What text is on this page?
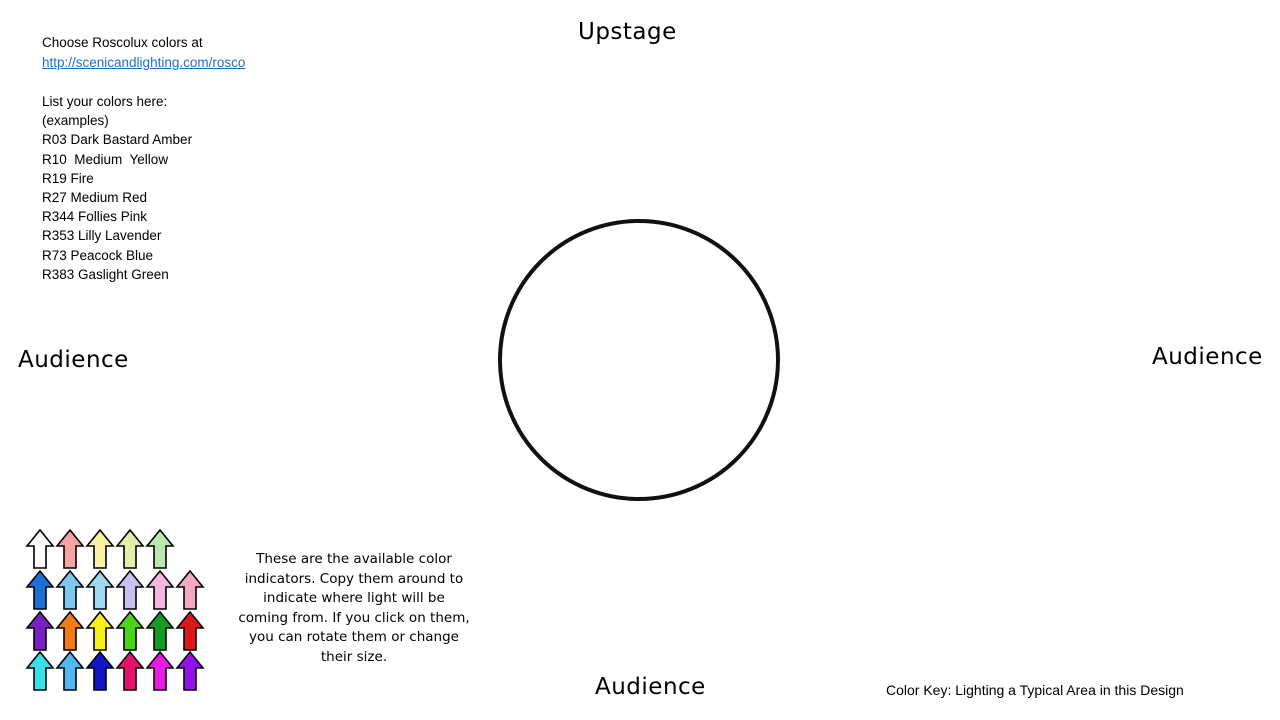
Choose Roscolux colors at
http://scenicandlighting.com/rosco
List your colors here:
(examples)
R03 Dark Bastard Amber
R10  Medium  Yellow
R19 Fire
R27 Medium Red
R344 Follies Pink
R353 Lilly Lavender
R73 Peacock Blue
R383 Gaslight Green
Upstage
Audience	Audience
Audience
These are the available color indicators. Copy them around to indicate where light will be coming from. If you click on them, you can rotate them or change their size.
Color Key: Lighting a Typical Area in this Design
